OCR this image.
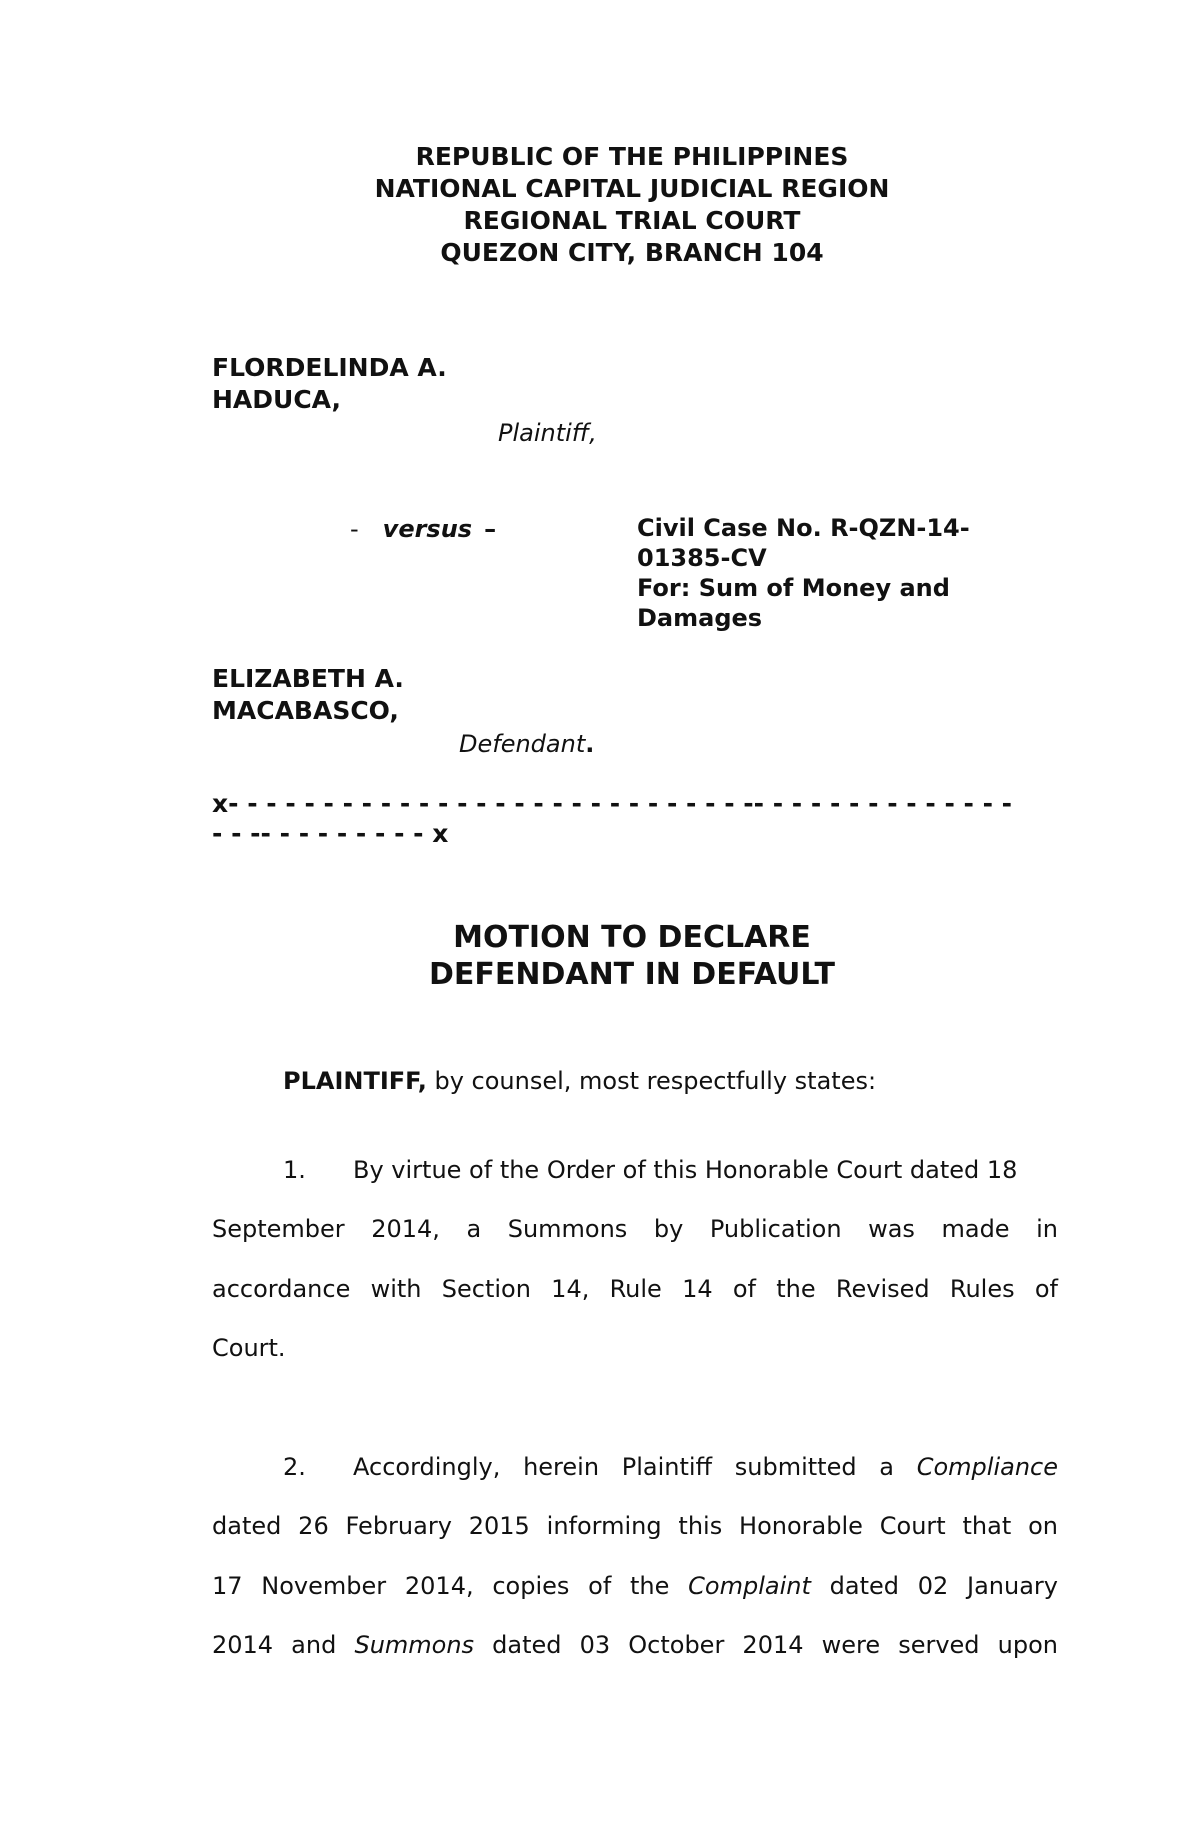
REPUBLIC OF THE PHILIPPINES
NATIONAL CAPITAL JUDICIAL REGION
REGIONAL TRIAL COURT
QUEZON CITY, BRANCH 104
FLORDELINDA A.
HADUCA,
Plaintiff,
- versus –	Civil Case No. R-QZN-14-
01385-CV
For: Sum of Money and
Damages
ELIZABETH A.
MACABASCO,
Defendant.
x- - - - - - - - - - - - - - - - - - - - - - - - - - - -- - - - - - - - - - - - - -
- - -- - - - - - - - - x
MOTION TO DECLARE
DEFENDANT IN DEFAULT
PLAINTIFF, by counsel, most respectfully states:
1. By virtue of the Order of this Honorable Court dated 18
September 2014, a Summons by Publication was made in
accordance with Section 14, Rule 14 of the Revised Rules of
Court.
2. Accordingly, herein Plaintiff submitted a Compliance
dated 26 February 2015 informing this Honorable Court that on
17 November 2014, copies of the Complaint dated 02 January
2014 and Summons dated 03 October 2014 were served upon
